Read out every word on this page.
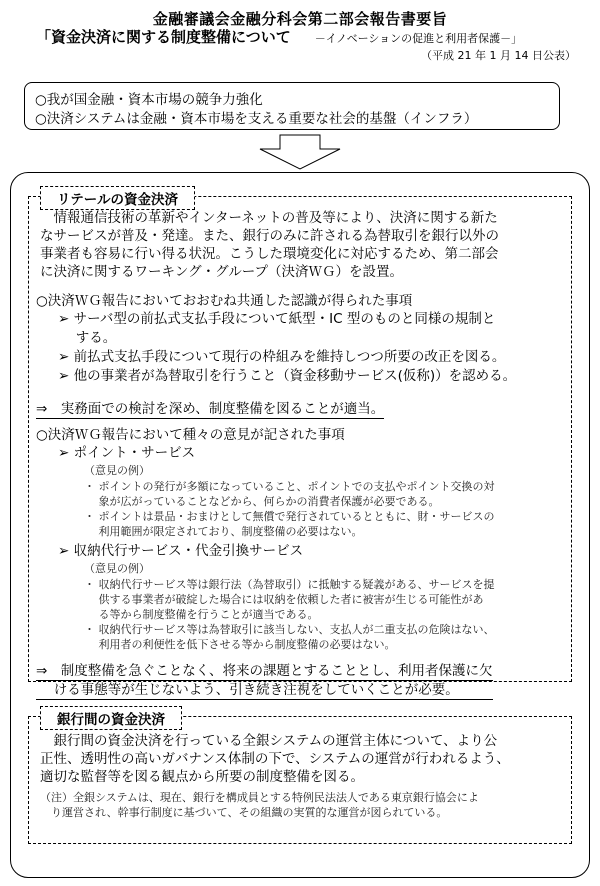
金融審議会金融分科会第二部会報告書要旨
「資金決済に関する制度整備について －イノベーションの促進と利用者保護－」
（平成 21 年 1 月 14 日公表）
○我が国金融・資本市場の競争力強化
○決済システムは金融・資本市場を支える重要な社会的基盤（インフラ）
リテールの資金決済
　情報通信技術の革新やインターネットの普及等により、決済に関する新た
なサービスが普及・発達。また、銀行のみに許される為替取引を銀行以外の
事業者も容易に行い得る状況。こうした環境変化に対応するため、第二部会
に決済に関するワーキング・グループ（決済ＷＧ）を設置。
○決済ＷＧ報告においておおむね共通した認識が得られた事項
➢ サーバ型の前払式支払手段について紙型・IC 型のものと同様の規制と
　 する。
➢ 前払式支払手段について現行の枠組みを維持しつつ所要の改正を図る。
➢ 他の事業者が為替取引を行うこと（資金移動サービス(仮称)）を認める。
⇒　実務面での検討を深め、制度整備を図ることが適当。
○決済ＷＧ報告において種々の意見が記された事項
➢ ポイント・サービス
（意見の例）
・ ポイントの発行が多額になっていること、ポイントでの支払やポイント交換の対
　 象が広がっていることなどから、何らかの消費者保護が必要である。
・ ポイントは景品・おまけとして無償で発行されているとともに、財・サービスの
　 利用範囲が限定されており、制度整備の必要はない。
➢ 収納代行サービス・代金引換サービス
（意見の例）
・ 収納代行サービス等は銀行法（為替取引）に抵触する疑義がある、サービスを提
　 供する事業者が破綻した場合には収納を依頼した者に被害が生じる可能性があ
　 る等から制度整備を行うことが適当である。
・ 収納代行サービス等は為替取引に該当しない、支払人が二重支払の危険はない、
　 利用者の利便性を低下させる等から制度整備の必要はない。
⇒　制度整備を急ぐことなく、将来の課題とすることとし、利用者保護に欠
　 ける事態等が生じないよう、引き続き注視をしていくことが必要。
銀行間の資金決済
　銀行間の資金決済を行っている全銀システムの運営主体について、より公
正性、透明性の高いガバナンス体制の下で、システムの運営が行われるよう、
適切な監督等を図る観点から所要の制度整備を図る。
（注）全銀システムは、現在、銀行を構成員とする特例民法法人である東京銀行協会によ
　り運営され、幹事行制度に基づいて、その組織の実質的な運営が図られている。
